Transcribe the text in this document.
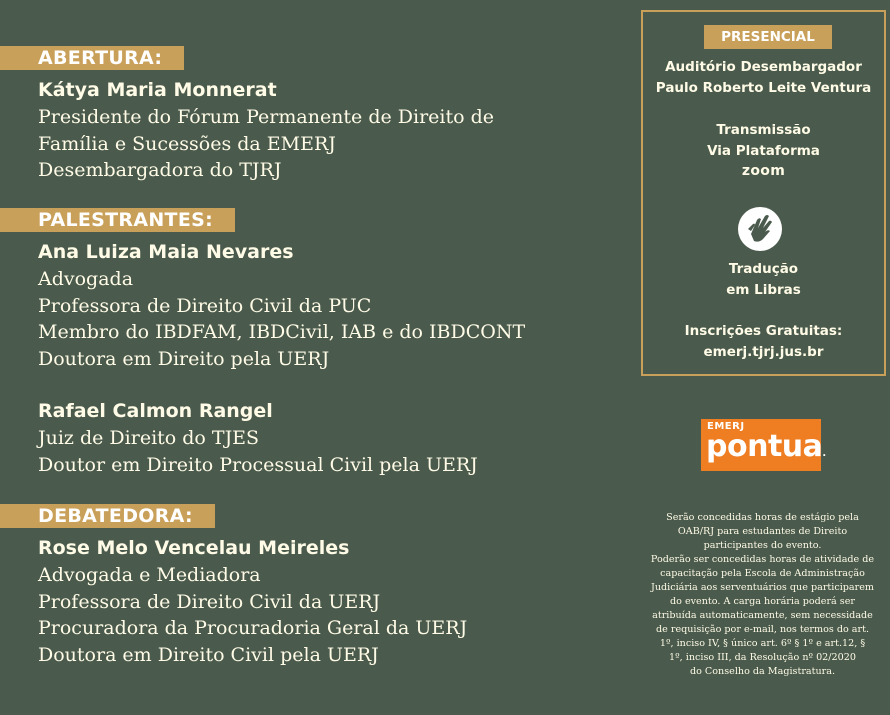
ABERTURA:
Kátya Maria Monnerat
Presidente do Fórum Permanente de Direito de
Família e Sucessões da EMERJ
Desembargadora do TJRJ
PALESTRANTES:
Ana Luiza Maia Nevares
Advogada
Professora de Direito Civil da PUC
Membro do IBDFAM, IBDCivil, IAB e do IBDCONT
Doutora em Direito pela UERJ
Rafael Calmon Rangel
Juiz de Direito do TJES
Doutor em Direito Processual Civil pela UERJ
DEBATEDORA:
Rose Melo Vencelau Meireles
Advogada e Mediadora
Professora de Direito Civil da UERJ
Procuradora da Procuradoria Geral da UERJ
Doutora em Direito Civil pela UERJ
PRESENCIAL
Auditório Desembargador
Paulo Roberto Leite Ventura
Transmissão
Via Plataforma
zoom
Tradução
em Libras
Inscrições Gratuitas:
emerj.tjrj.jus.br
EMERJ
pontua.
Serão concedidas horas de estágio pela
OAB/RJ para estudantes de Direito
participantes do evento.
Poderão ser concedidas horas de atividade de
capacitação pela Escola de Administração
Judiciária aos serventuários que participarem
do evento. A carga horária poderá ser
atribuída automaticamente, sem necessidade
de requisição por e-mail, nos termos do art.
1º, inciso IV, § único art. 6º § 1º e art.12, §
1º, inciso III, da Resolução nº 02/2020
do Conselho da Magistratura.
